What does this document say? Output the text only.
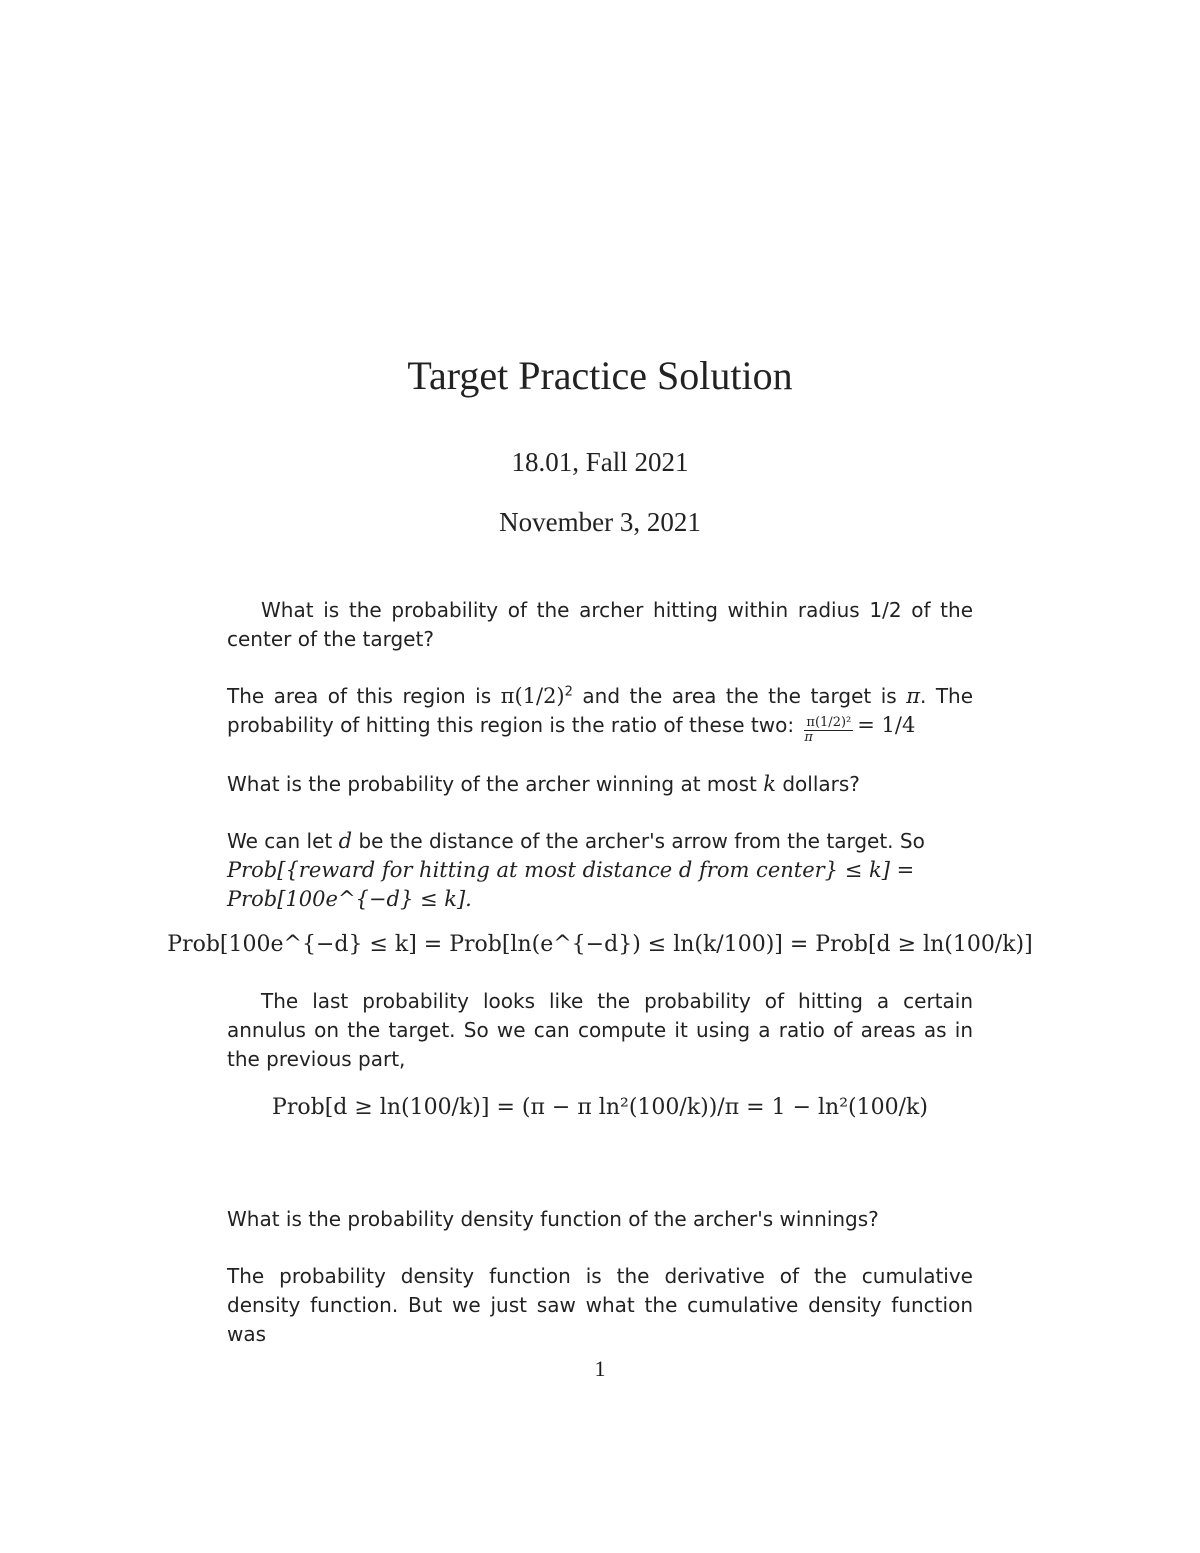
Target Practice Solution
18.01, Fall 2021
November 3, 2021
What is the probability of the archer hitting within radius 1/2 of the center of the target?
The area of this region is $\pi(1/2)^2$ and the area the the target is π. The probability of hitting this region is the ratio of these two: $\frac{\text{π(1/2)²}}{\pi} = 1/4$
What is the probability of the archer winning at most k dollars?
We can let d be the distance of the archer's arrow from the target. So
Prob[{reward for hitting at most distance d from center} ≤ k] =
Prob[100e^{−d} ≤ k].
Prob[100e^{−d} ≤ k] = Prob[ln(e^{−d}) ≤ ln(k/100)] = Prob[d ≥ ln(100/k)]
The last probability looks like the probability of hitting a certain annulus on the target. So we can compute it using a ratio of areas as in the previous part,
Prob[d ≥ ln(100/k)] = (π − π ln²(100/k))/π = 1 − ln²(100/k)
What is the probability density function of the archer's winnings?
The probability density function is the derivative of the cumulative density function. But we just saw what the cumulative density function was
1
